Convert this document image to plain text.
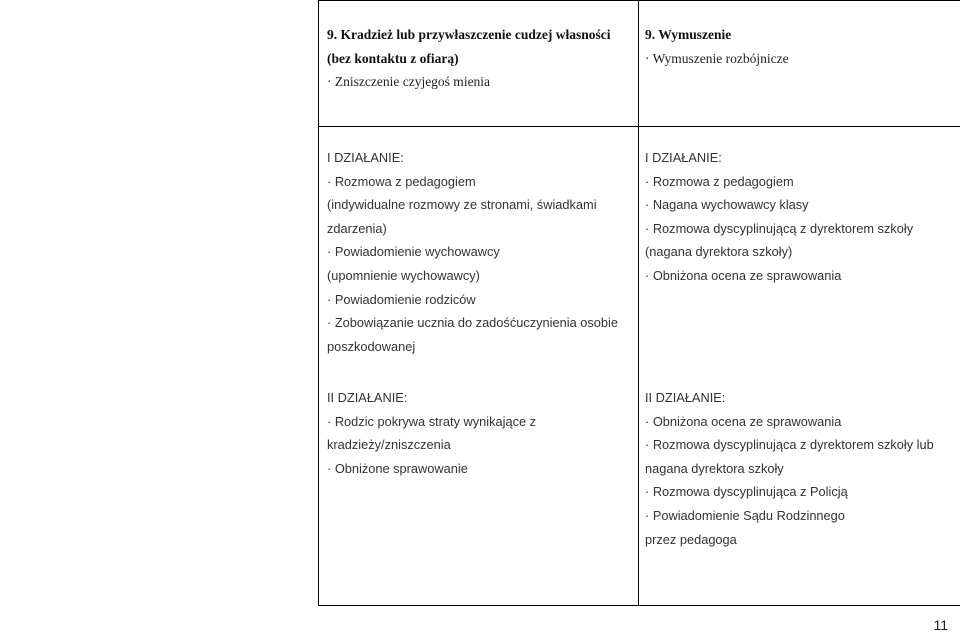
9. Kradzież lub przywłaszczenie cudzej własności
(bez kontaktu z ofiarą)
· Zniszczenie czyjegoś mienia
9. Wymuszenie
· Wymuszenie rozbójnicze
I DZIAŁANIE:
· Rozmowa z pedagogiem
(indywidualne rozmowy ze stronami, świadkami
zdarzenia)
· Powiadomienie wychowawcy
(upomnienie wychowawcy)
· Powiadomienie rodziców
· Zobowiązanie ucznia do zadośćuczynienia osobie
poszkodowanej
II DZIAŁANIE:
· Rodzic pokrywa straty wynikające z
kradzieży/zniszczenia
· Obniżone sprawowanie
I DZIAŁANIE:
· Rozmowa z pedagogiem
· Nagana wychowawcy klasy
· Rozmowa dyscyplinującą z dyrektorem szkoły
(nagana dyrektora szkoły)
· Obniżona ocena ze sprawowania
II DZIAŁANIE:
· Obniżona ocena ze sprawowania
· Rozmowa dyscyplinująca z dyrektorem szkoły lub
nagana dyrektora szkoły
· Rozmowa dyscyplinująca z Policją
· Powiadomienie Sądu Rodzinnego
przez pedagoga
11
